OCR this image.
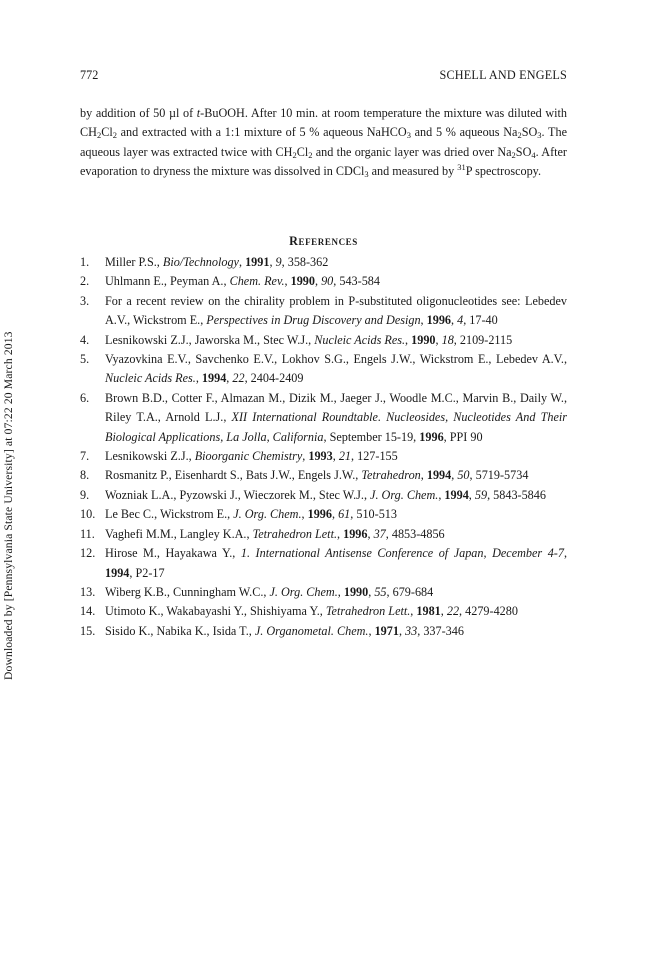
772	SCHELL AND ENGELS
Downloaded by [Pennsylvania State University] at 07:22 20 March 2013

by addition of 50 µl of t-BuOOH. After 10 min. at room temperature the mixture was diluted with $CH_2Cl_2$ and extracted with a 1:1 mixture of 5 % aqueous NaHCO$_3$ and 5 % aqueous $Na_2SO_3$. The aqueous layer was extracted twice with $CH_2Cl_2$ and the organic layer was dried over $Na_2SO_4$. After evaporation to dryness the mixture was dissolved in CDCl$_3$ and measured by $^{31}$P spectroscopy.

References
1. Miller P.S., Bio/Technology, 1991, 9, 358-362
2. Uhlmann E., Peyman A., Chem. Rev., 1990, 90, 543-584
3. For a recent review on the chirality problem in P-substituted oligonucleotides see: Lebedev A.V., Wickstrom E., Perspectives in Drug Discovery and Design, 1996, 4, 17-40
4. Lesnikowski Z.J., Jaworska M., Stec W.J., Nucleic Acids Res., 1990, 18, 2109-2115
5. Vyazovkina E.V., Savchenko E.V., Lokhov S.G., Engels J.W., Wickstrom E., Lebedev A.V., Nucleic Acids Res., 1994, 22, 2404-2409
6. Brown B.D., Cotter F., Almazan M., Dizik M., Jaeger J., Woodle M.C., Marvin B., Daily W., Riley T.A., Arnold L.J., XII International Roundtable. Nucleosides, Nucleotides And Their Biological Applications, La Jolla, California, September 15-19, 1996, PPI 90
7. Lesnikowski Z.J., Bioorganic Chemistry, 1993, 21, 127-155
8. Rosmanitz P., Eisenhardt S., Bats J.W., Engels J.W., Tetrahedron, 1994, 50, 5719-5734
9. Wozniak L.A., Pyzowski J., Wieczorek M., Stec W.J., J. Org. Chem., 1994, 59, 5843-5846
10. Le Bec C., Wickstrom E., J. Org. Chem., 1996, 61, 510-513
11. Vaghefi M.M., Langley K.A., Tetrahedron Lett., 1996, 37, 4853-4856
12. Hirose M., Hayakawa Y., 1. International Antisense Conference of Japan, December 4-7, 1994, P2-17
13. Wiberg K.B., Cunningham W.C., J. Org. Chem., 1990, 55, 679-684
14. Utimoto K., Wakabayashi Y., Shishiyama Y., Tetrahedron Lett., 1981, 22, 4279-4280
15. Sisido K., Nabika K., Isida T., J. Organometal. Chem., 1971, 33, 337-346
